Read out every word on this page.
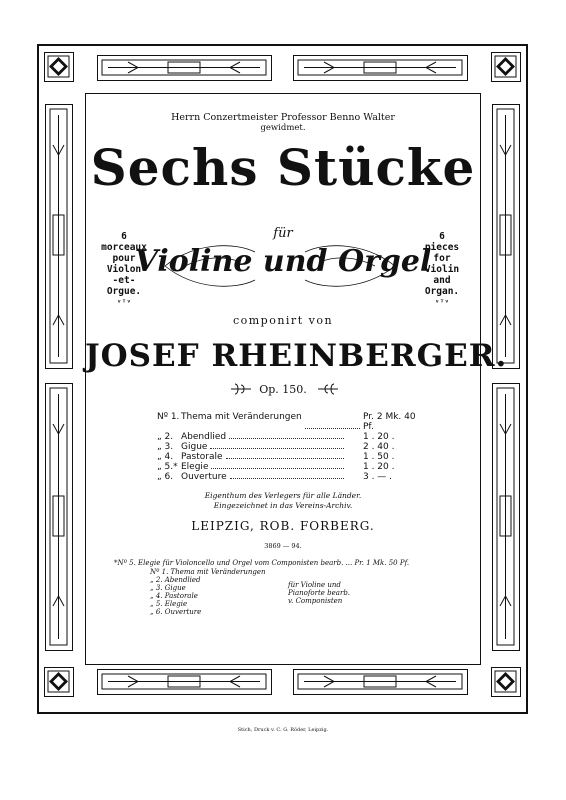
Herrn Conzertmeister Professor Benno Walter
gewidmet.
Sechs Stücke
für
Violine und Orgel
6
morceaux
pour
Violon
-et-
Orgue.
ᵛᵀᵛ
6
pieces
for
Violin
and
Organ.
ᵛᵀᵛ
componirt von
JOSEF RHEINBERGER.
Op. 150.
Nº 1. Thema mit Veränderungen	Pr. 2 Mk. 40 Pf.
„ 2. Abendlied	1 . 20 .
„ 3. Gigue	2 . 40 .
„ 4. Pastorale	1 . 50 .
„ 5.* Elegie	1 . 20 .
„ 6. Ouverture	3 . — .
Eigenthum des Verlegers für alle Länder.
Eingezeichnet in das Vereins-Archiv.
LEIPZIG, ROB. FORBERG.
3869 — 94.
*Nº 5. Elegie für Violoncello und Orgel vom Componisten bearb. ... Pr. 1 Mk. 50 Pf.
Nº 1. Thema mit Veränderungen
„ 2. Abendlied
„ 3. Gigue
„ 4. Pastorale
„ 5. Elegie
„ 6. Ouverture
für Violine und
Pianoforte bearb.
v. Componisten
Stich, Druck v. C. G. Röder, Leipzig.
